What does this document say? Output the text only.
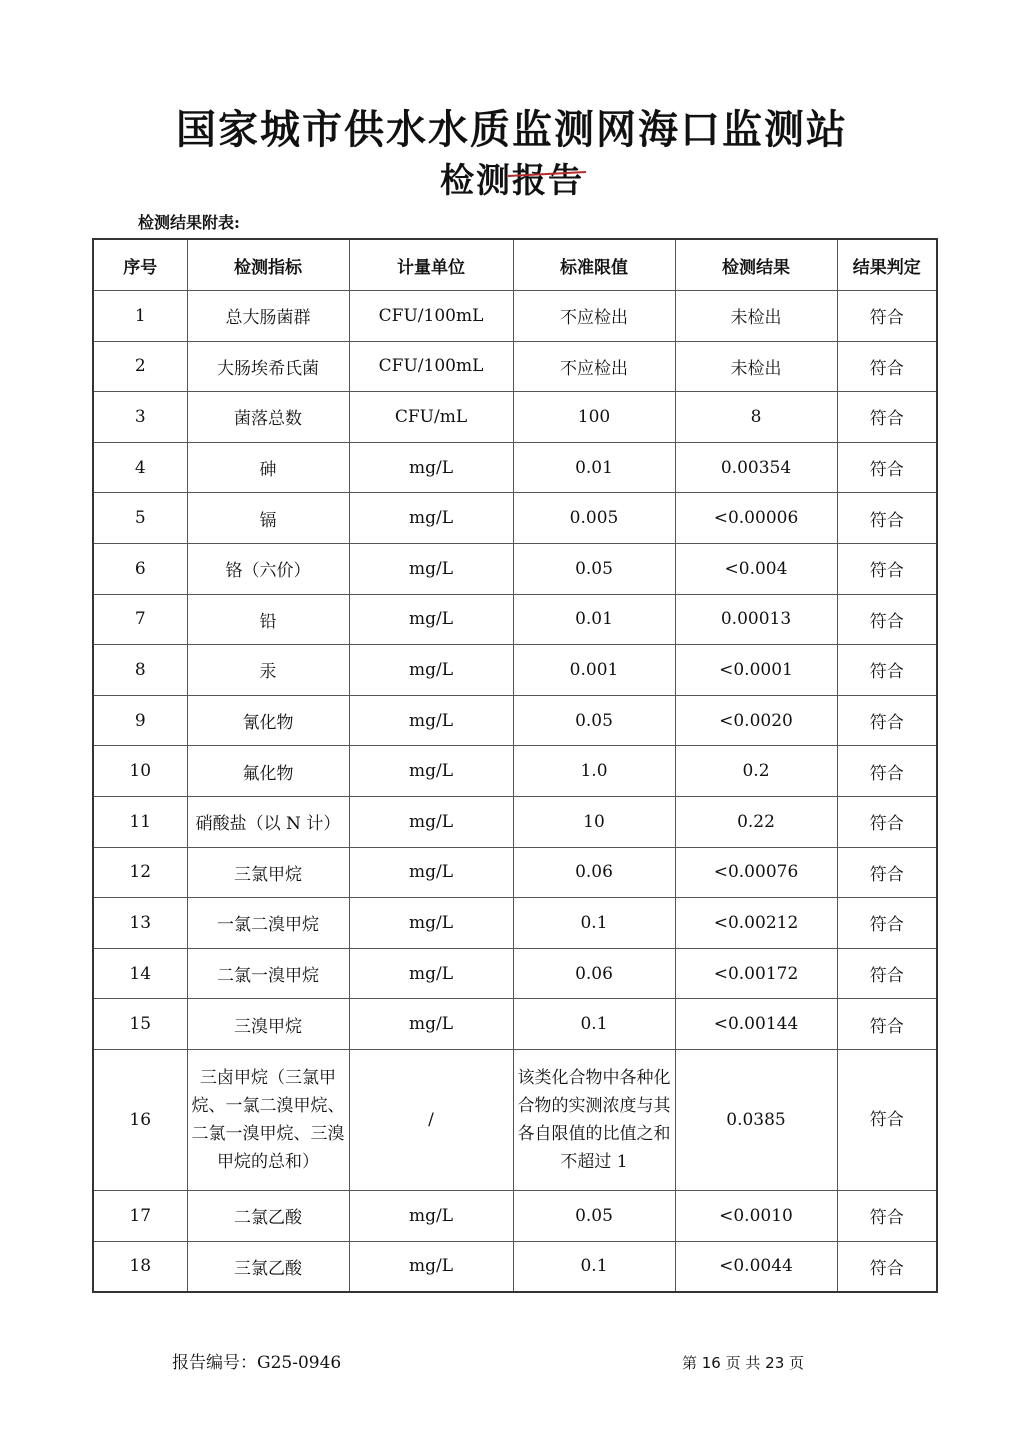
国家城市供水水质监测网海口监测站
检测报告
检测结果附表:
序号	检测指标	计量单位	标准限值	检测结果	结果判定
1	总大肠菌群	CFU/100mL	不应检出	未检出	符合
2	大肠埃希氏菌	CFU/100mL	不应检出	未检出	符合
3	菌落总数	CFU/mL	100	8	符合
4	砷	mg/L	0.01	0.00354	符合
5	镉	mg/L	0.005	<0.00006	符合
6	铬（六价）	mg/L	0.05	<0.004	符合
7	铅	mg/L	0.01	0.00013	符合
8	汞	mg/L	0.001	<0.0001	符合
9	氰化物	mg/L	0.05	<0.0020	符合
10	氟化物	mg/L	1.0	0.2	符合
11	硝酸盐（以 N 计）	mg/L	10	0.22	符合
12	三氯甲烷	mg/L	0.06	<0.00076	符合
13	一氯二溴甲烷	mg/L	0.1	<0.00212	符合
14	二氯一溴甲烷	mg/L	0.06	<0.00172	符合
15	三溴甲烷	mg/L	0.1	<0.00144	符合
16	三卤甲烷（三氯甲烷、一氯二溴甲烷、二氯一溴甲烷、三溴甲烷的总和）	/	该类化合物中各种化合物的实测浓度与其各自限值的比值之和不超过 1	0.0385	符合
17	二氯乙酸	mg/L	0.05	<0.0010	符合
18	三氯乙酸	mg/L	0.1	<0.0044	符合
报告编号：G25-0946	第 16 页 共 23 页
